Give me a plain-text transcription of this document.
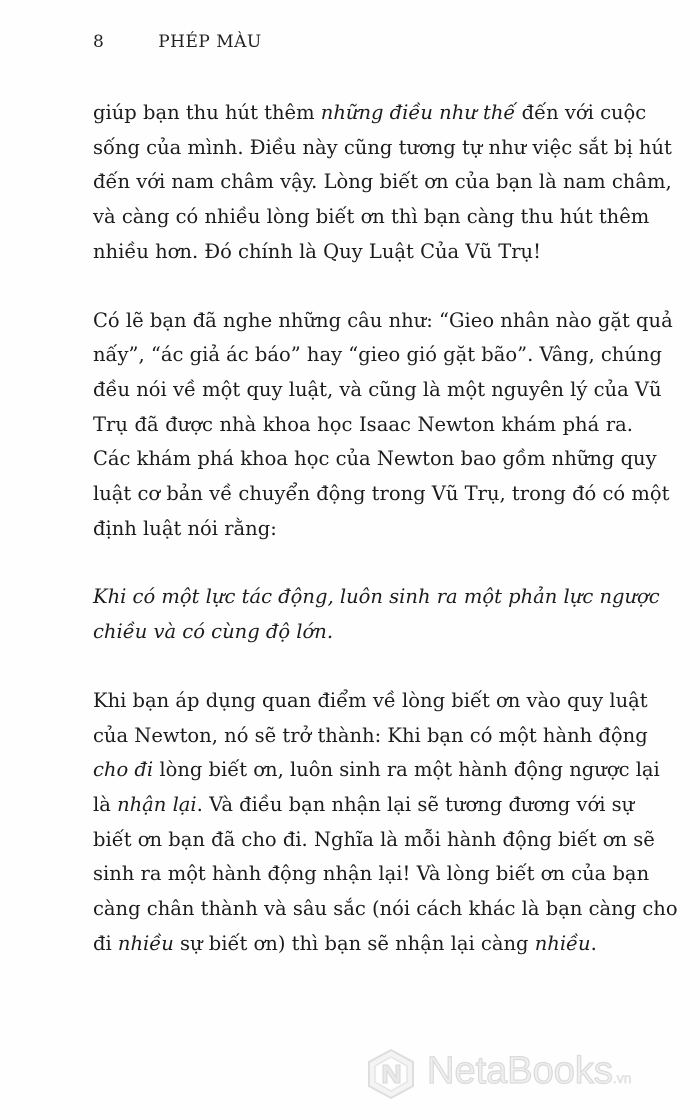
8	PHÉP MÀU
giúp bạn thu hút thêm những điều như thế đến với cuộc
sống của mình. Điều này cũng tương tự như việc sắt bị hút
đến với nam châm vậy. Lòng biết ơn của bạn là nam châm,
và càng có nhiều lòng biết ơn thì bạn càng thu hút thêm
nhiều hơn. Đó chính là Quy Luật Của Vũ Trụ!
Có lẽ bạn đã nghe những câu như: “Gieo nhân nào gặt quả
nấy”, “ác giả ác báo” hay “gieo gió gặt bão”. Vâng, chúng
đều nói về một quy luật, và cũng là một nguyên lý của Vũ
Trụ đã được nhà khoa học Isaac Newton khám phá ra.
Các khám phá khoa học của Newton bao gồm những quy
luật cơ bản về chuyển động trong Vũ Trụ, trong đó có một
định luật nói rằng:
Khi có một lực tác động, luôn sinh ra một phản lực ngược
chiều và có cùng độ lớn.
Khi bạn áp dụng quan điểm về lòng biết ơn vào quy luật
của Newton, nó sẽ trở thành: Khi bạn có một hành động
cho đi lòng biết ơn, luôn sinh ra một hành động ngược lại
là nhận lại. Và điều bạn nhận lại sẽ tương đương với sự
biết ơn bạn đã cho đi. Nghĩa là mỗi hành động biết ơn sẽ
sinh ra một hành động nhận lại! Và lòng biết ơn của bạn
càng chân thành và sâu sắc (nói cách khác là bạn càng cho
đi nhiều sự biết ơn) thì bạn sẽ nhận lại càng nhiều.
NetaBooks.vn
